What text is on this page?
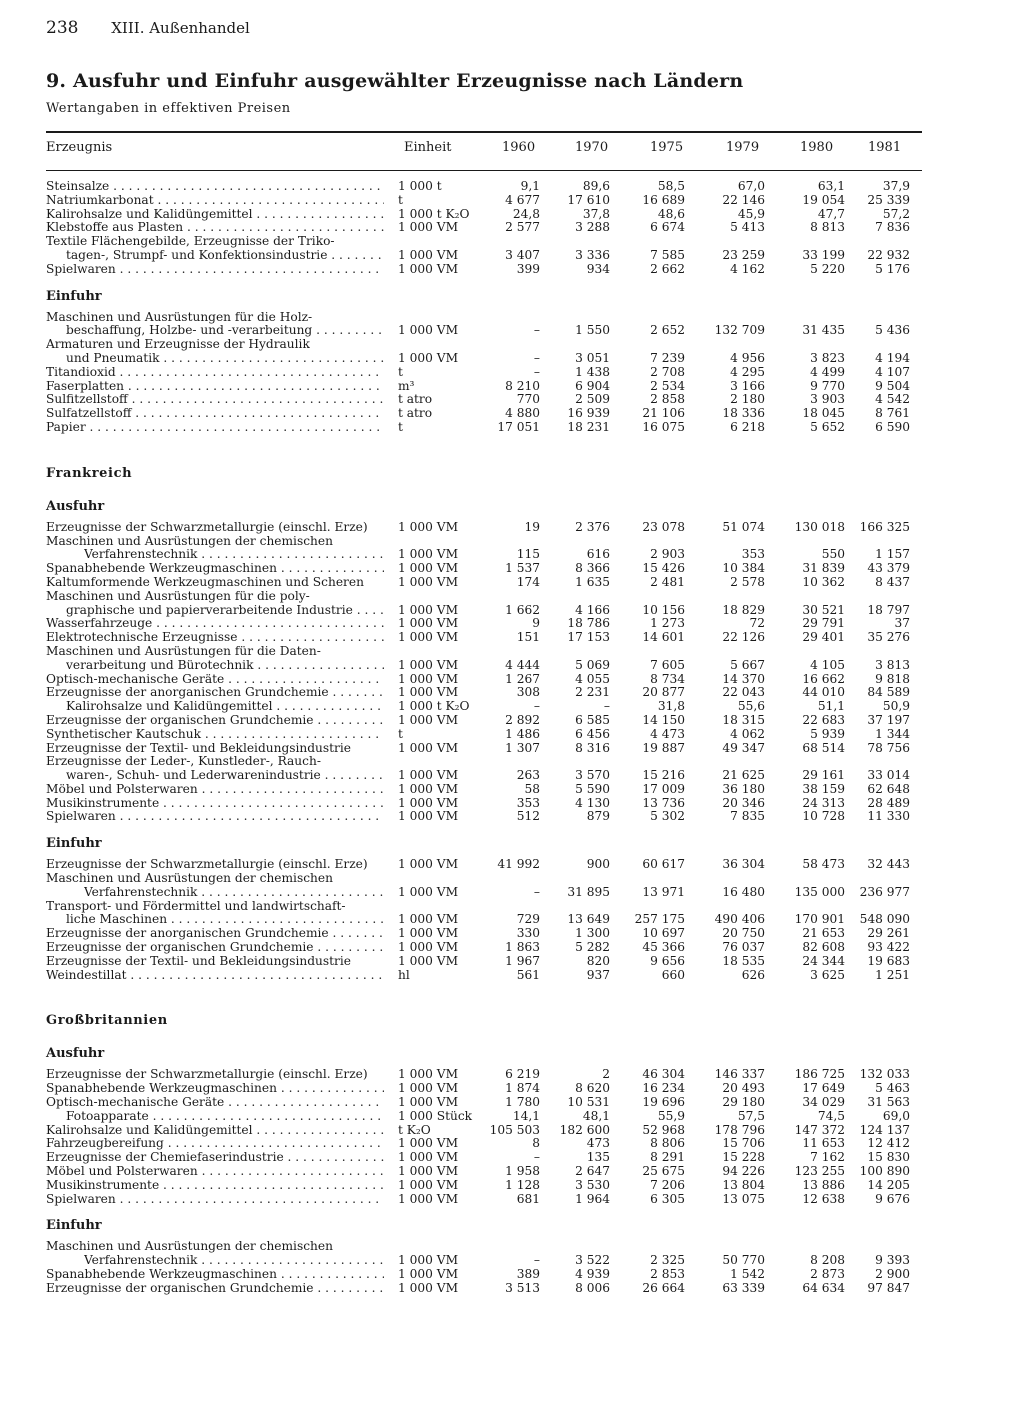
238 XIII. Außenhandel
9. Ausfuhr und Einfuhr ausgewählter Erzeugnisse nach Ländern
Wertangaben in effektiven Preisen
Erzeugnis	Einheit	1960	1970	1975	1979	1980	1981
Steinsalze . . .	1 000 t	9,1	89,6	58,5	67,0	63,1	37,9
Natriumkarbonat . . .	t	4 677	17 610	16 689	22 146	19 054	25 339
Kalirohsalze und Kalidüngemittel . . .	1 000 t K₂O	24,8	37,8	48,6	45,9	47,7	57,2
Klebstoffe aus Plasten . . .	1 000 VM	2 577	3 288	6 674	5 413	8 813	7 836
Textile Flächengebilde, Erzeugnisse der Triko-
tagen-, Strumpf- und Konfektionsindustrie . . .	1 000 VM	3 407	3 336	7 585	23 259	33 199	22 932
Spielwaren . . .	1 000 VM	399	934	2 662	4 162	5 220	5 176
Einfuhr
Maschinen und Ausrüstungen für die Holz-
beschaffung, Holzbe- und -verarbeitung . . .	1 000 VM	–	1 550	2 652	132 709	31 435	5 436
Armaturen und Erzeugnisse der Hydraulik
und Pneumatik . . .	1 000 VM	–	3 051	7 239	4 956	3 823	4 194
Titandioxid . . .	t	–	1 438	2 708	4 295	4 499	4 107
Faserplatten . . .	m³	8 210	6 904	2 534	3 166	9 770	9 504
Sulfitzellstoff . . .	t atro	770	2 509	2 858	2 180	3 903	4 542
Sulfatzellstoff . . .	t atro	4 880	16 939	21 106	18 336	18 045	8 761
Papier . . .	t	17 051	18 231	16 075	6 218	5 652	6 590
Frankreich
Ausfuhr
Erzeugnisse der Schwarzmetallurgie (einschl. Erze)	1 000 VM	19	2 376	23 078	51 074	130 018	166 325
Maschinen und Ausrüstungen der chemischen
Verfahrenstechnik . . .	1 000 VM	115	616	2 903	353	550	1 157
Spanabhebende Werkzeugmaschinen . . .	1 000 VM	1 537	8 366	15 426	10 384	31 839	43 379
Kaltumformende Werkzeugmaschinen und Scheren	1 000 VM	174	1 635	2 481	2 578	10 362	8 437
Maschinen und Ausrüstungen für die poly-
graphische und papierverarbeitende Industrie . . .	1 000 VM	1 662	4 166	10 156	18 829	30 521	18 797
Wasserfahrzeuge . . .	1 000 VM	9	18 786	1 273	72	29 791	37
Elektrotechnische Erzeugnisse . . .	1 000 VM	151	17 153	14 601	22 126	29 401	35 276
Maschinen und Ausrüstungen für die Daten-
verarbeitung und Bürotechnik . . .	1 000 VM	4 444	5 069	7 605	5 667	4 105	3 813
Optisch-mechanische Geräte . . .	1 000 VM	1 267	4 055	8 734	14 370	16 662	9 818
Erzeugnisse der anorganischen Grundchemie . . .	1 000 VM	308	2 231	20 877	22 043	44 010	84 589
Kalirohsalze und Kalidüngemittel . . .	1 000 t K₂O	–	–	31,8	55,6	51,1	50,9
Erzeugnisse der organischen Grundchemie . . .	1 000 VM	2 892	6 585	14 150	18 315	22 683	37 197
Synthetischer Kautschuk . . .	t	1 486	6 456	4 473	4 062	5 939	1 344
Erzeugnisse der Textil- und Bekleidungsindustrie	1 000 VM	1 307	8 316	19 887	49 347	68 514	78 756
Erzeugnisse der Leder-, Kunstleder-, Rauch-
waren-, Schuh- und Lederwarenindustrie . . .	1 000 VM	263	3 570	15 216	21 625	29 161	33 014
Möbel und Polsterwaren . . .	1 000 VM	58	5 590	17 009	36 180	38 159	62 648
Musikinstrumente . . .	1 000 VM	353	4 130	13 736	20 346	24 313	28 489
Spielwaren . . .	1 000 VM	512	879	5 302	7 835	10 728	11 330
Einfuhr
Erzeugnisse der Schwarzmetallurgie (einschl. Erze)	1 000 VM	41 992	900	60 617	36 304	58 473	32 443
Maschinen und Ausrüstungen der chemischen
Verfahrenstechnik . . .	1 000 VM	–	31 895	13 971	16 480	135 000	236 977
Transport- und Fördermittel und landwirtschaft-
liche Maschinen . . .	1 000 VM	729	13 649	257 175	490 406	170 901	548 090
Erzeugnisse der anorganischen Grundchemie . . .	1 000 VM	330	1 300	10 697	20 750	21 653	29 261
Erzeugnisse der organischen Grundchemie . . .	1 000 VM	1 863	5 282	45 366	76 037	82 608	93 422
Erzeugnisse der Textil- und Bekleidungsindustrie	1 000 VM	1 967	820	9 656	18 535	24 344	19 683
Weindestillat . . .	hl	561	937	660	626	3 625	1 251
Großbritannien
Ausfuhr
Erzeugnisse der Schwarzmetallurgie (einschl. Erze)	1 000 VM	6 219	2	46 304	146 337	186 725	132 033
Spanabhebende Werkzeugmaschinen . . .	1 000 VM	1 874	8 620	16 234	20 493	17 649	5 463
Optisch-mechanische Geräte . . .	1 000 VM	1 780	10 531	19 696	29 180	34 029	31 563
Fotoapparate . . .	1 000 Stück	14,1	48,1	55,9	57,5	74,5	69,0
Kalirohsalze und Kalidüngemittel . . .	t K₂O	105 503	182 600	52 968	178 796	147 372	124 137
Fahrzeugbereifung . . .	1 000 VM	8	473	8 806	15 706	11 653	12 412
Erzeugnisse der Chemiefaserindustrie . . .	1 000 VM	–	135	8 291	15 228	7 162	15 830
Möbel und Polsterwaren . . .	1 000 VM	1 958	2 647	25 675	94 226	123 255	100 890
Musikinstrumente . . .	1 000 VM	1 128	3 530	7 206	13 804	13 886	14 205
Spielwaren . . .	1 000 VM	681	1 964	6 305	13 075	12 638	9 676
Einfuhr
Maschinen und Ausrüstungen der chemischen
Verfahrenstechnik . . .	1 000 VM	–	3 522	2 325	50 770	8 208	9 393
Spanabhebende Werkzeugmaschinen . . .	1 000 VM	389	4 939	2 853	1 542	2 873	2 900
Erzeugnisse der organischen Grundchemie . . .	1 000 VM	3 513	8 006	26 664	63 339	64 634	97 847
